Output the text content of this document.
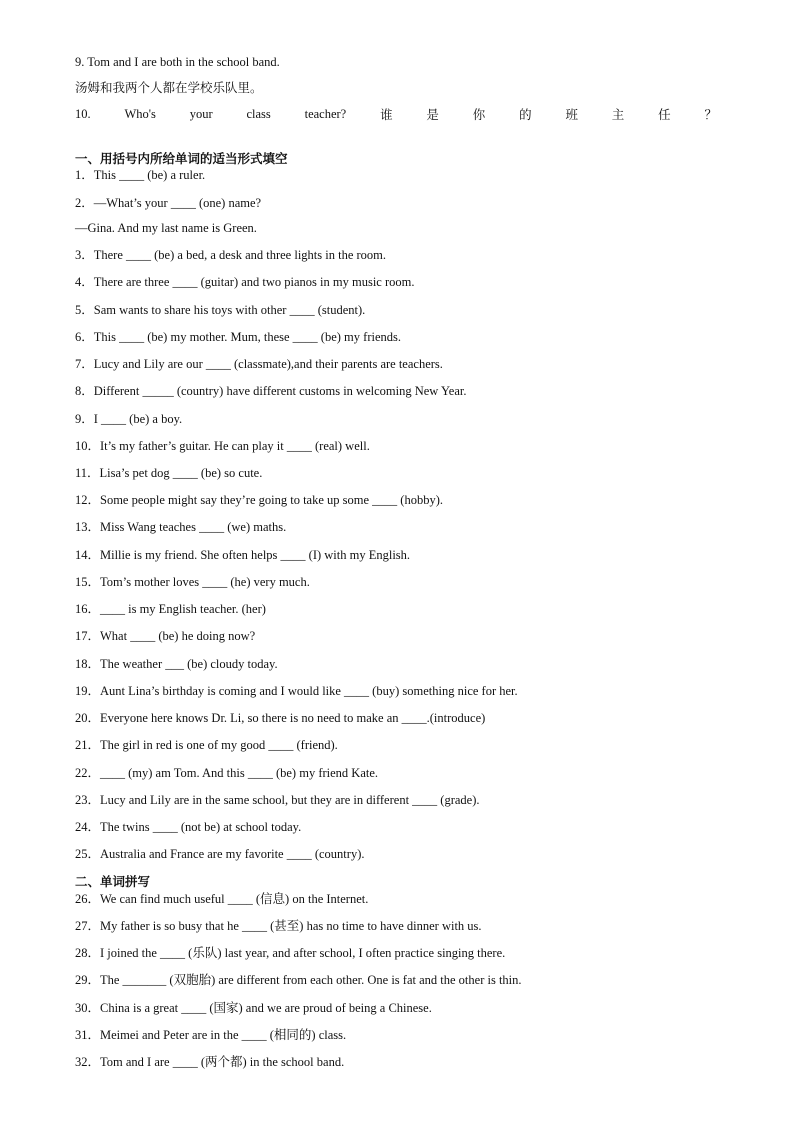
9. Tom and I are both in the school band.
汤姆和我两个人都在学校乐队里。
10.	Who's	your	class	teacher?	谁	是	你	的	班	主	任	？
一、用括号内所给单词的适当形式填空
1．This ____ (be) a ruler.
2．—What’s your ____ (one) name?
—Gina. And my last name is Green.
3．There ____ (be) a bed, a desk and three lights in the room.
4．There are three ____ (guitar) and two pianos in my music room.
5．Sam wants to share his toys with other ____ (student).
6．This ____ (be) my mother. Mum, these ____ (be) my friends.
7．Lucy and Lily are our ____ (classmate),and their parents are teachers.
8．Different _____ (country) have different customs in welcoming New Year.
9．I ____ (be) a boy.
10．It’s my father’s guitar. He can play it ____ (real) well.
11．Lisa’s pet dog ____ (be) so cute.
12．Some people might say they’re going to take up some ____ (hobby).
13．Miss Wang teaches ____ (we) maths.
14．Millie is my friend. She often helps ____ (I) with my English.
15．Tom’s mother loves ____ (he) very much.
16．____ is my English teacher. (her)
17．What ____ (be) he doing now?
18．The weather ___ (be) cloudy today.
19．Aunt Lina’s birthday is coming and I would like ____ (buy) something nice for her.
20．Everyone here knows Dr. Li, so there is no need to make an ____.(introduce)
21．The girl in red is one of my good ____ (friend).
22．____ (my) am Tom. And this ____ (be) my friend Kate.
23．Lucy and Lily are in the same school, but they are in different ____ (grade).
24．The twins ____ (not be) at school today.
25．Australia and France are my favorite ____ (country).
二、单词拼写
26．We can find much useful ____ (信息) on the Internet.
27．My father is so busy that he ____ (甚至) has no time to have dinner with us.
28．I joined the ____ (乐队) last year, and after school, I often practice singing there.
29．The _______ (双胞胎) are different from each other. One is fat and the other is thin.
30．China is a great ____ (国家) and we are proud of being a Chinese.
31．Meimei and Peter are in the ____ (相同的) class.
32．Tom and I are ____ (两个都) in the school band.
